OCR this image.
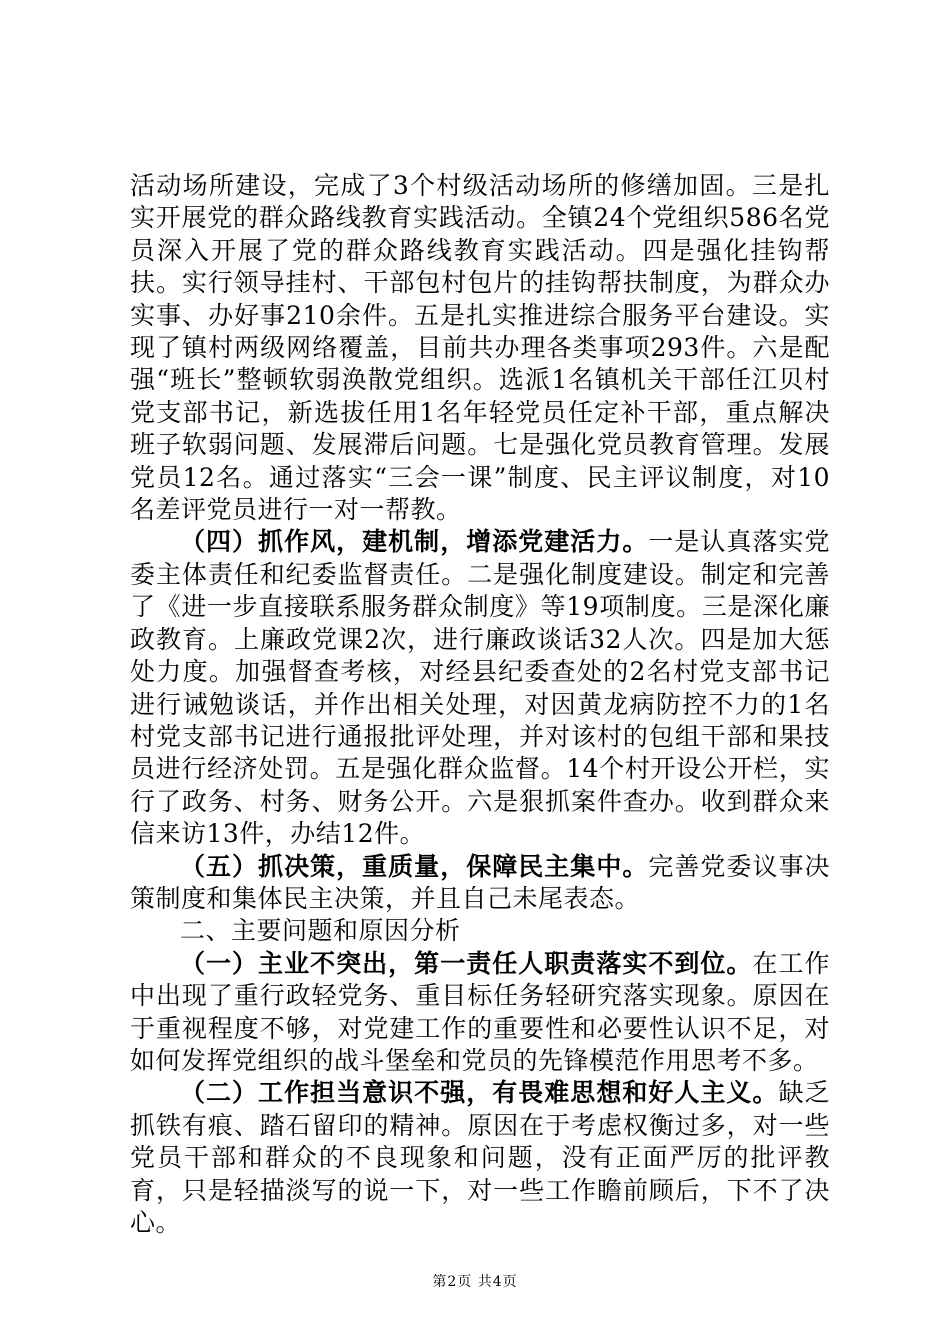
活动场所建设，完成了3个村级活动场所的修缮加固。三是扎实开展党的群众路线教育实践活动。全镇24个党组织586名党员深入开展了党的群众路线教育实践活动。四是强化挂钩帮扶。实行领导挂村、干部包村包片的挂钩帮扶制度，为群众办实事、办好事210余件。五是扎实推进综合服务平台建设。实现了镇村两级网络覆盖，目前共办理各类事项293件。六是配强“班长”整顿软弱涣散党组织。选派1名镇机关干部任江贝村党支部书记，新选拔任用1名年轻党员任定补干部，重点解决班子软弱问题、发展滞后问题。七是强化党员教育管理。发展党员12名。通过落实“三会一课”制度、民主评议制度，对10名差评党员进行一对一帮教。

（四）抓作风，建机制，增添党建活力。一是认真落实党委主体责任和纪委监督责任。二是强化制度建设。制定和完善了《进一步直接联系服务群众制度》等19项制度。三是深化廉政教育。上廉政党课2次，进行廉政谈话32人次。四是加大惩处力度。加强督查考核，对经县纪委查处的2名村党支部书记进行诫勉谈话，并作出相关处理，对因黄龙病防控不力的1名村党支部书记进行通报批评处理，并对该村的包组干部和果技员进行经济处罚。五是强化群众监督。14个村开设公开栏，实行了政务、村务、财务公开。六是狠抓案件查办。收到群众来信来访13件，办结12件。

（五）抓决策，重质量，保障民主集中。完善党委议事决策制度和集体民主决策，并且自己未尾表态。

二、主要问题和原因分析

（一）主业不突出，第一责任人职责落实不到位。在工作中出现了重行政轻党务、重目标任务轻研究落实现象。原因在于重视程度不够，对党建工作的重要性和必要性认识不足，对如何发挥党组织的战斗堡垒和党员的先锋模范作用思考不多。

（二）工作担当意识不强，有畏难思想和好人主义。缺乏抓铁有痕、踏石留印的精神。原因在于考虑权衡过多，对一些党员干部和群众的不良现象和问题，没有正面严厉的批评教育，只是轻描淡写的说一下，对一些工作瞻前顾后，下不了决心。

第2页 共4页
